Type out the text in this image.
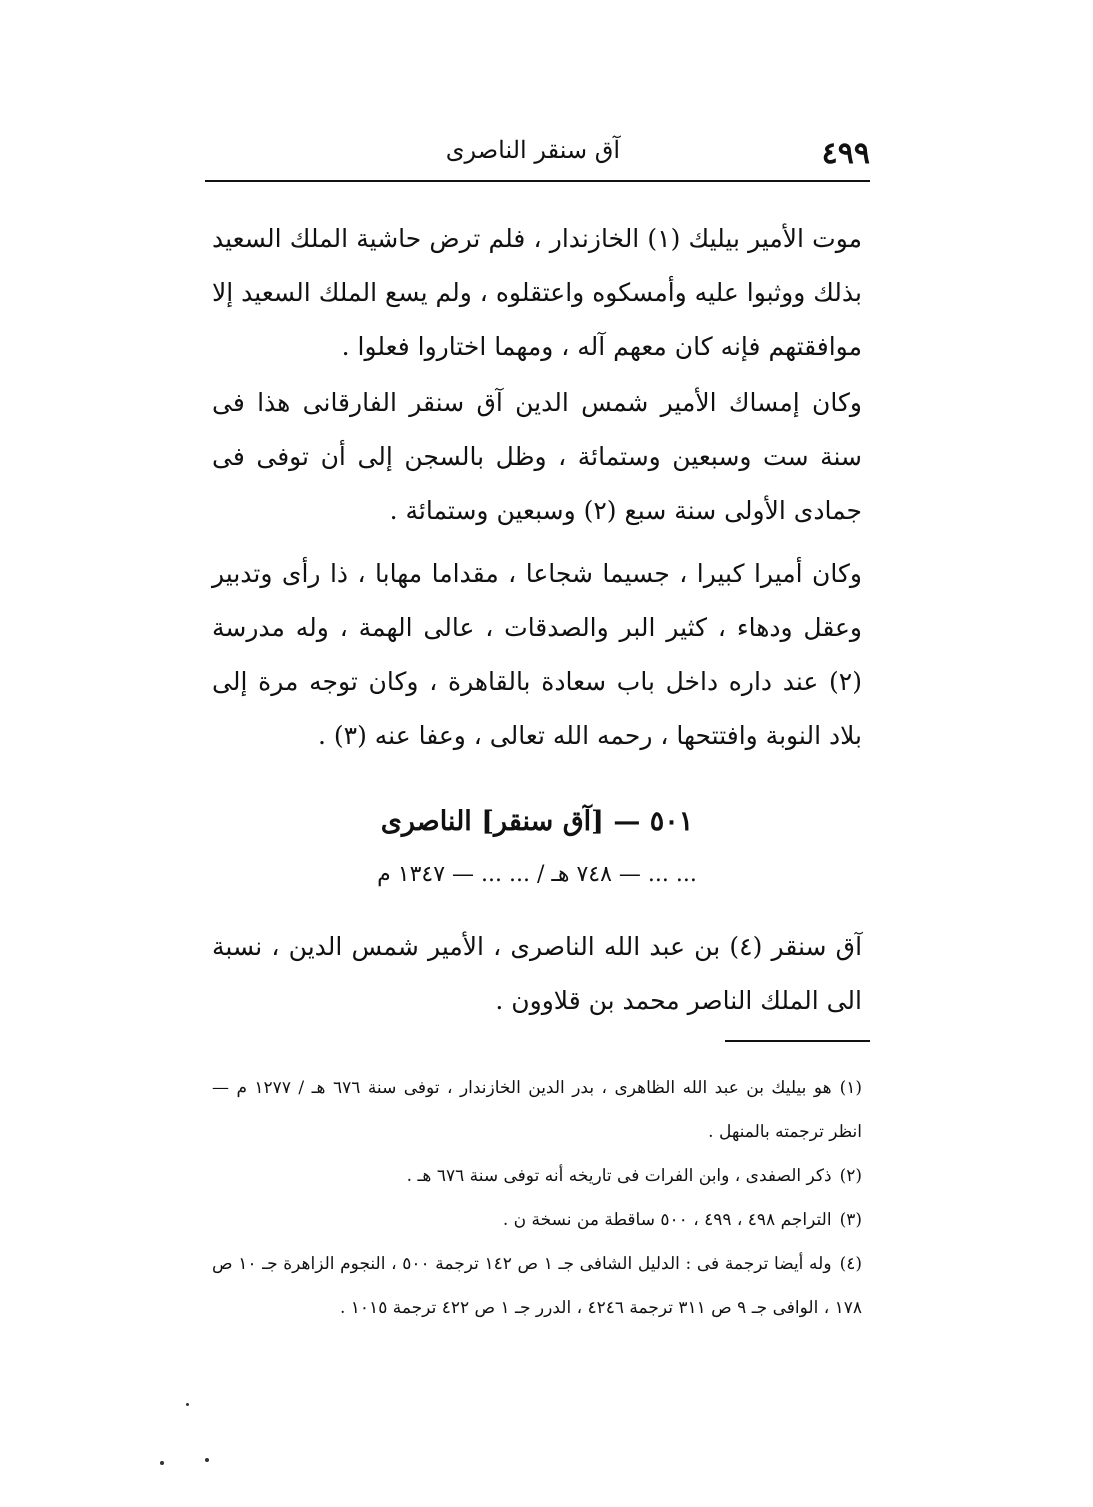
٤٩٩
آق سنقر الناصرى
موت الأمير بيليك (١) الخازندار ، فلم ترض حاشية الملك السعيد بذلك ووثبوا عليه وأمسكوه واعتقلوه ، ولم يسع الملك السعيد إلا موافقتهم فإنه كان معهم آله ، ومهما اختاروا فعلوا .
وكان إمساك الأمير شمس الدين آق سنقر الفارقانى هذا فى سنة ست وسبعين وستمائة ، وظل بالسجن إلى أن توفى فى جمادى الأولى سنة سبع (٢) وسبعين وستمائة .
وكان أميرا كبيرا ، جسيما شجاعا ، مقداما مهابا ، ذا رأى وتدبير وعقل ودهاء ، كثير البر والصدقات ، عالى الهمة ، وله مدرسة (٢) عند داره داخل باب سعادة بالقاهرة ، وكان توجه مرة إلى بلاد النوبة وافتتحها ، رحمه الله تعالى ، وعفا عنه (٣) .
٥٠١ — [آق سنقر] الناصرى
... ... — ٧٤٨ هـ / ... ... — ١٣٤٧ م
آق سنقر (٤) بن عبد الله الناصرى ، الأمير شمس الدين ، نسبة الى الملك الناصر محمد بن قلاوون .
(١)هو بيليك بن عبد الله الظاهرى ، بدر الدين الخازندار ، توفى سنة ٦٧٦ هـ / ١٢٧٧ م — انظر ترجمته بالمنهل .
(٢)ذكر الصفدى ، وابن الفرات فى تاريخه أنه توفى سنة ٦٧٦ هـ .
(٣)التراجم ٤٩٨ ، ٤٩٩ ، ٥٠٠ ساقطة من نسخة ن .
(٤)وله أيضا ترجمة فى : الدليل الشافى جـ ١ ص ١٤٢ ترجمة ٥٠٠ ، النجوم الزاهرة جـ ١٠ ص ١٧٨ ، الوافى جـ ٩ ص ٣١١ ترجمة ٤٢٤٦ ، الدرر جـ ١ ص ٤٢٢ ترجمة ١٠١٥ .
